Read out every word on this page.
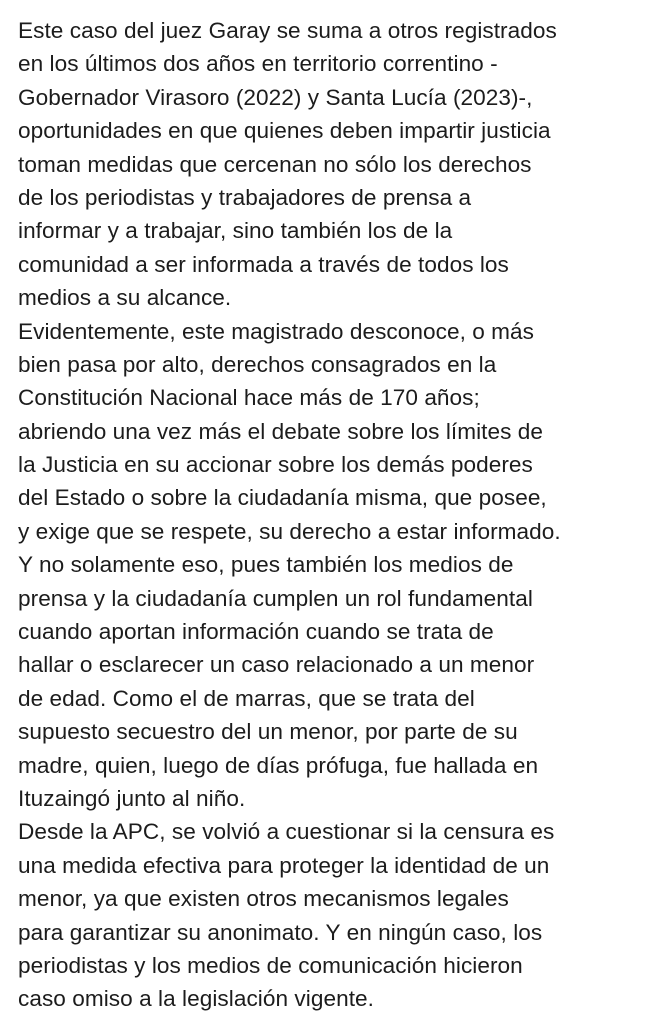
Este caso del juez Garay se suma a otros registrados
en los últimos dos años en territorio correntino -
Gobernador Virasoro (2022) y Santa Lucía (2023)-,
oportunidades en que quienes deben impartir justicia
toman medidas que cercenan no sólo los derechos
de los periodistas y trabajadores de prensa a
informar y a trabajar, sino también los de la
comunidad a ser informada a través de todos los
medios a su alcance.
Evidentemente, este magistrado desconoce, o más
bien pasa por alto, derechos consagrados en la
Constitución Nacional hace más de 170 años;
abriendo una vez más el debate sobre los límites de
la Justicia en su accionar sobre los demás poderes
del Estado o sobre la ciudadanía misma, que posee,
y exige que se respete, su derecho a estar informado.
Y no solamente eso, pues también los medios de
prensa y la ciudadanía cumplen un rol fundamental
cuando aportan información cuando se trata de
hallar o esclarecer un caso relacionado a un menor
de edad. Como el de marras, que se trata del
supuesto secuestro del un menor, por parte de su
madre, quien, luego de días prófuga, fue hallada en
Ituzaingó junto al niño.
Desde la APC, se volvió a cuestionar si la censura es
una medida efectiva para proteger la identidad de un
menor, ya que existen otros mecanismos legales
para garantizar su anonimato. Y en ningún caso, los
periodistas y los medios de comunicación hicieron
caso omiso a la legislación vigente.
